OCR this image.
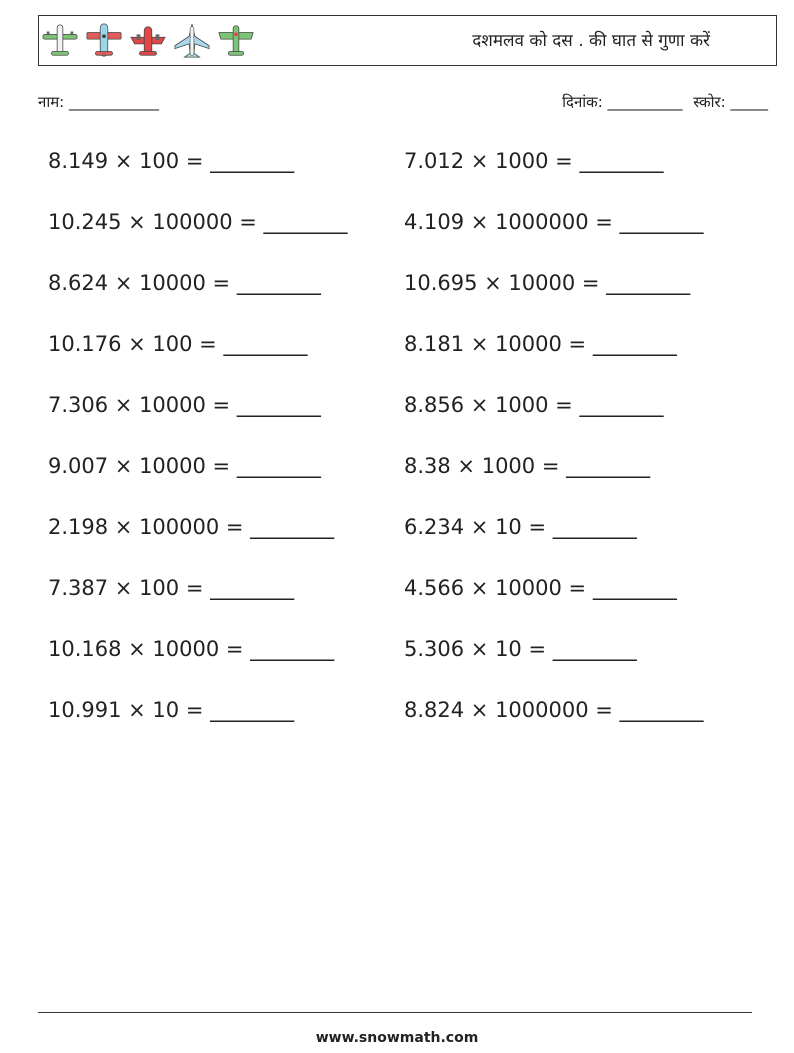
दशमलव को दस . की घात से गुणा करें
नाम: ____________	दिनांक: __________ स्कोर: _____
8.149 × 100 = ________
10.245 × 100000 = ________
8.624 × 10000 = ________
10.176 × 100 = ________
7.306 × 10000 = ________
9.007 × 10000 = ________
2.198 × 100000 = ________
7.387 × 100 = ________
10.168 × 10000 = ________
10.991 × 10 = ________
7.012 × 1000 = ________
4.109 × 1000000 = ________
10.695 × 10000 = ________
8.181 × 10000 = ________
8.856 × 1000 = ________
8.38 × 1000 = ________
6.234 × 10 = ________
4.566 × 10000 = ________
5.306 × 10 = ________
8.824 × 1000000 = ________
www.snowmath.com
